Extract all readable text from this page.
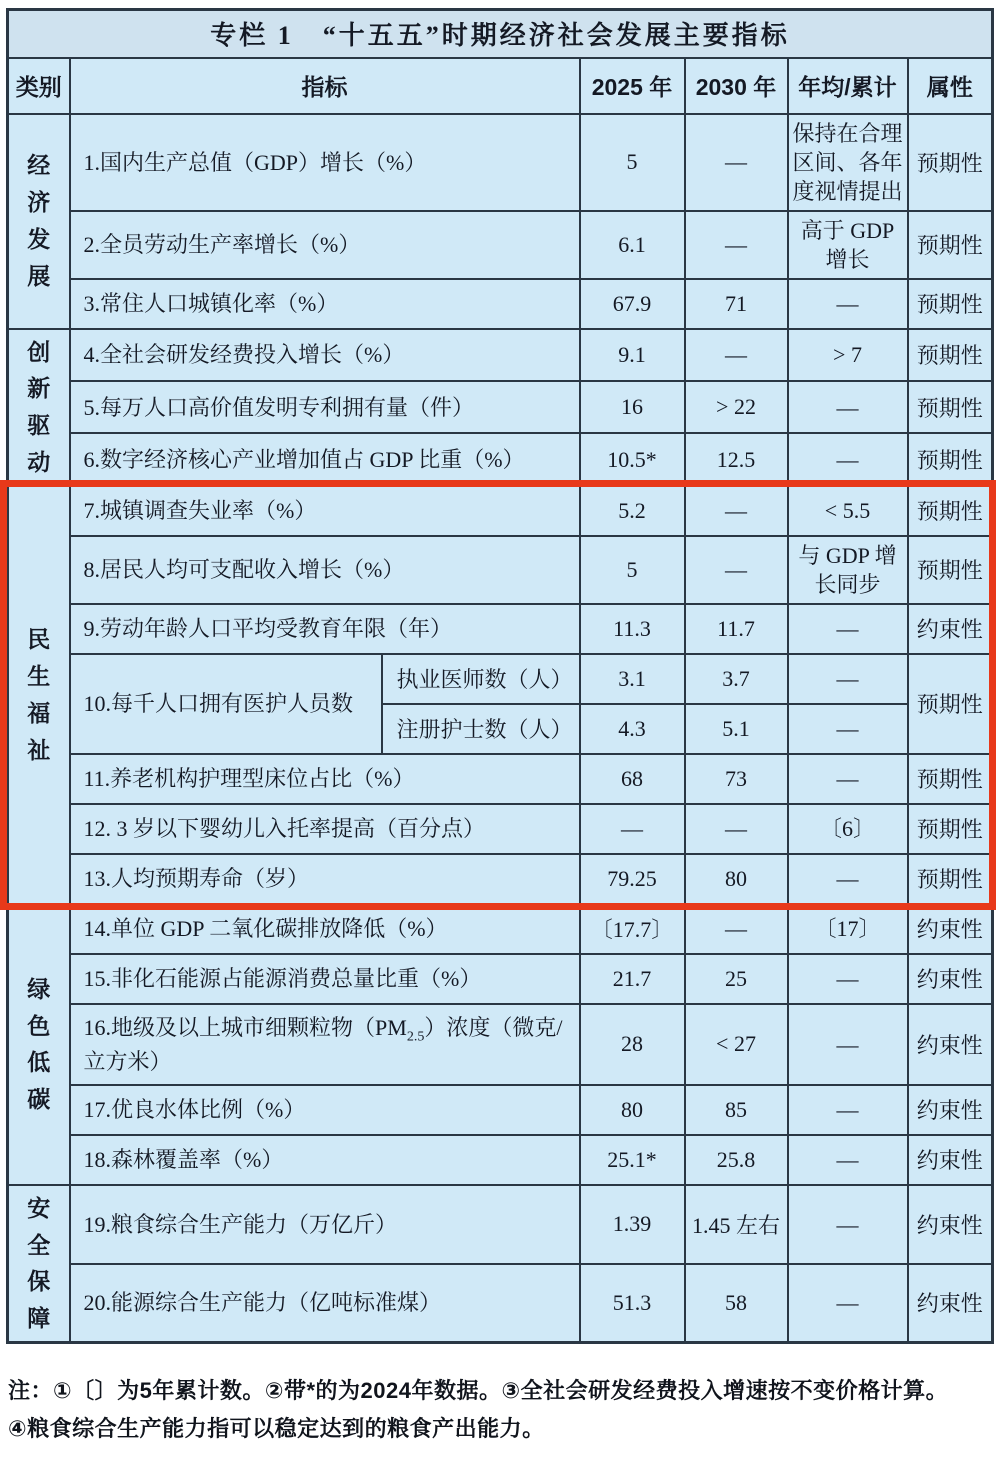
专栏 1　“十五五”时期经济社会发展主要指标						
类别	指标		2025 年	2030 年	年均/累计	属性
经济发展	1.国内生产总值（GDP）增长（%）		5	—	保持在合理区间、各年度视情提出	预期性
	2.全员劳动生产率增长（%）		6.1	—	高于 GDP 增长	预期性
	3.常住人口城镇化率（%）		67.9	71	—	预期性
创新驱动	4.全社会研发经费投入增长（%）		9.1	—	> 7	预期性
	5.每万人口高价值发明专利拥有量（件）		16	> 22	—	预期性
	6.数字经济核心产业增加值占 GDP 比重（%）		10.5*	12.5	—	预期性
民生福祉	7.城镇调查失业率（%）		5.2	—	< 5.5	预期性
	8.居民人均可支配收入增长（%）		5	—	与 GDP 增长同步	预期性
	9.劳动年龄人口平均受教育年限（年）		11.3	11.7	—	约束性
	10.每千人口拥有医护人员数	执业医师数（人）	3.1	3.7	—	预期性
		注册护士数（人）	4.3	5.1	—	
	11.养老机构护理型床位占比（%）		68	73	—	预期性
	12. 3 岁以下婴幼儿入托率提高（百分点）		—	—	〔6〕	预期性
	13.人均预期寿命（岁）		79.25	80	—	预期性
绿色低碳	14.单位 GDP 二氧化碳排放降低（%）		〔17.7〕	—	〔17〕	约束性
	15.非化石能源占能源消费总量比重（%）		21.7	25	—	约束性
	16.地级及以上城市细颗粒物$(PM_{2.5})$浓度（微克/立方米）		28	< 27	—	约束性
	17.优良水体比例（%）		80	85	—	约束性
	18.森林覆盖率（%）		25.1*	25.8	—	约束性
安全保障	19.粮食综合生产能力（万亿斤）		1.39	1.45 左右	—	约束性
	20.能源综合生产能力（亿吨标准煤）		51.3	58	—	约束性
注：①〔〕为5年累计数。②带*的为2024年数据。③全社会研发经费投入增速按不变价格计算。
④粮食综合生产能力指可以稳定达到的粮食产出能力。
